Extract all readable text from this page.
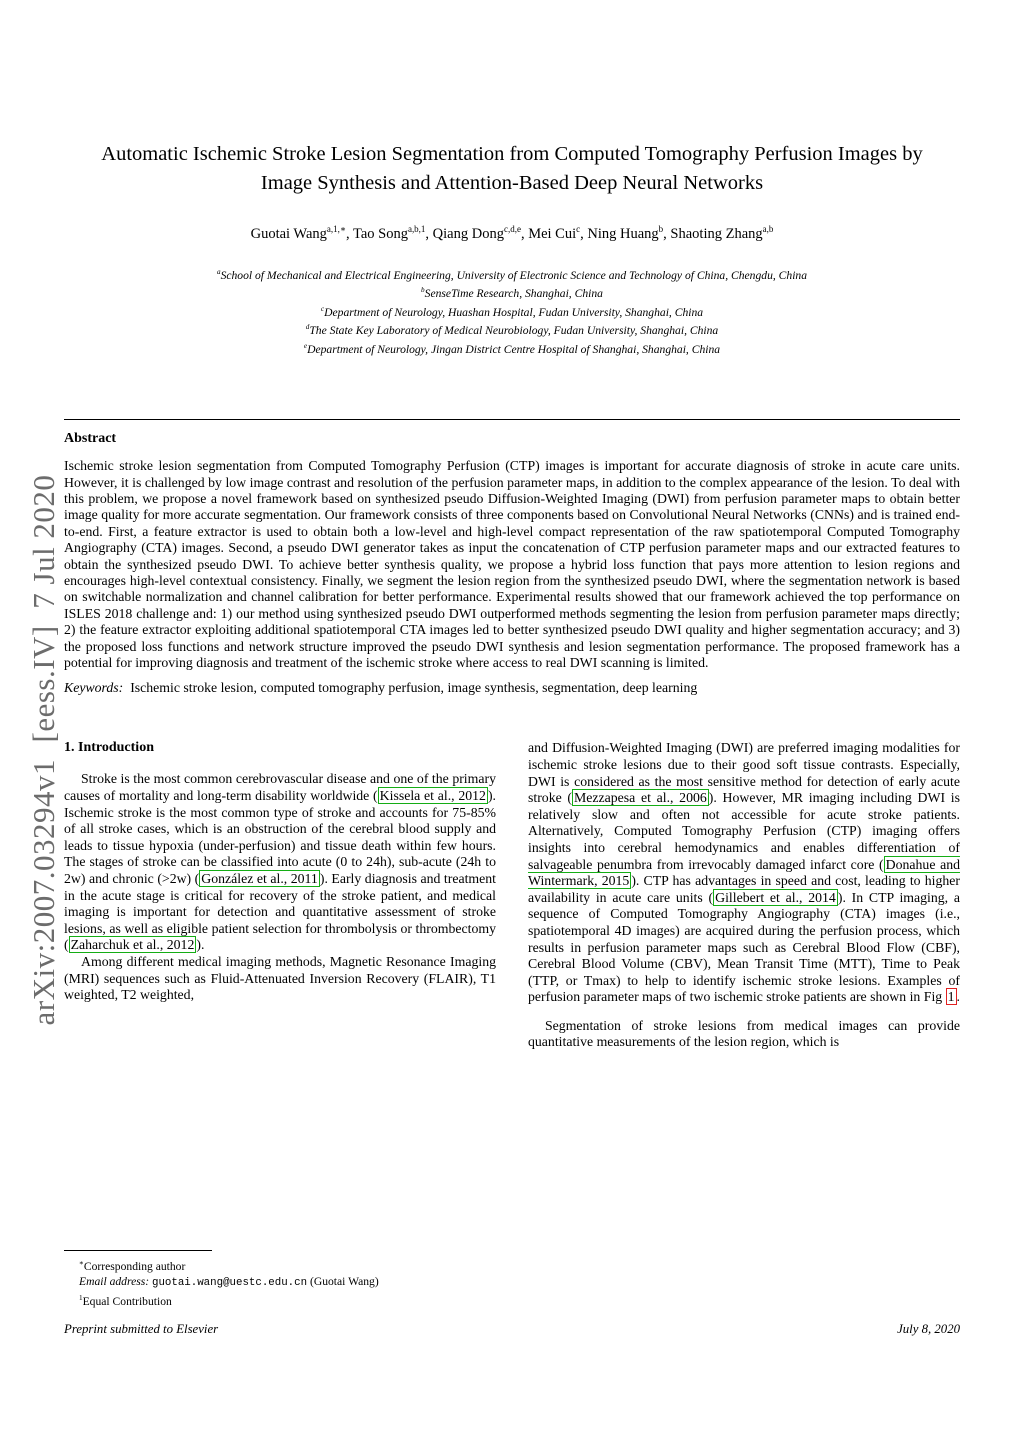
arXiv:2007.03294v1  [eess.IV]  7 Jul 2020
Automatic Ischemic Stroke Lesion Segmentation from Computed Tomography Perfusion Images by Image Synthesis and Attention-Based Deep Neural Networks
Guotai Wang$^{a,1,∗}$, Tao Song$^{a,b,1}$, Qiang Dong$^{c,d,e}$, Mei Cui$^c$, Ning Huang$^b$, Shaoting Zhang$^{a,b}$
$^a$School of Mechanical and Electrical Engineering, University of Electronic Science and Technology of China, Chengdu, China
$^b$SenseTime Research, Shanghai, China
$^c$Department of Neurology, Huashan Hospital, Fudan University, Shanghai, China
$^d$The State Key Laboratory of Medical Neurobiology, Fudan University, Shanghai, China
$^e$Department of Neurology, Jingan District Centre Hospital of Shanghai, Shanghai, China
Abstract

Ischemic stroke lesion segmentation from Computed Tomography Perfusion (CTP) images is important for accurate diagnosis of stroke in acute care units. However, it is challenged by low image contrast and resolution of the perfusion parameter maps, in addition to the complex appearance of the lesion. To deal with this problem, we propose a novel framework based on synthesized pseudo Diffusion-Weighted Imaging (DWI) from perfusion parameter maps to obtain better image quality for more accurate segmentation. Our framework consists of three components based on Convolutional Neural Networks (CNNs) and is trained end-to-end. First, a feature extractor is used to obtain both a low-level and high-level compact representation of the raw spatiotemporal Computed Tomography Angiography (CTA) images. Second, a pseudo DWI generator takes as input the concatenation of CTP perfusion parameter maps and our extracted features to obtain the synthesized pseudo DWI. To achieve better synthesis quality, we propose a hybrid loss function that pays more attention to lesion regions and encourages high-level contextual consistency. Finally, we segment the lesion region from the synthesized pseudo DWI, where the segmentation network is based on switchable normalization and channel calibration for better performance. Experimental results showed that our framework achieved the top performance on ISLES 2018 challenge and: 1) our method using synthesized pseudo DWI outperformed methods segmenting the lesion from perfusion parameter maps directly; 2) the feature extractor exploiting additional spatiotemporal CTA images led to better synthesized pseudo DWI quality and higher segmentation accuracy; and 3) the proposed loss functions and network structure improved the pseudo DWI synthesis and lesion segmentation performance. The proposed framework has a potential for improving diagnosis and treatment of the ischemic stroke where access to real DWI scanning is limited.

Keywords: Ischemic stroke lesion, computed tomography perfusion, image synthesis, segmentation, deep learning

1. Introduction

Stroke is the most common cerebrovascular disease and one of the primary causes of mortality and long-term disability worldwide ( Kissela et al., 2012 ). Ischemic stroke is the most common type of stroke and accounts for 75-85% of all stroke cases, which is an obstruction of the cerebral blood supply and leads to tissue hypoxia (under-perfusion) and tissue death within few hours. The stages of stroke can be classified into acute (0 to 24h), sub-acute (24h to 2w) and chronic (>2w) ( González et al., 2011 ). Early diagnosis and treatment in the acute stage is critical for recovery of the stroke patient, and medical imaging is important for detection and quantitative assessment of stroke lesions, as well as eligible patient selection for thrombolysis or thrombectomy ( Zaharchuk et al., 2012 ).

Among different medical imaging methods, Magnetic Resonance Imaging (MRI) sequences such as Fluid-Attenuated Inversion Recovery (FLAIR), T1 weighted, T2 weighted,

and Diffusion-Weighted Imaging (DWI) are preferred imaging modalities for ischemic stroke lesions due to their good soft tissue contrasts. Especially, DWI is considered as the most sensitive method for detection of early acute stroke ( Mezzapesa et al., 2006 ). However, MR imaging including DWI is relatively slow and often not accessible for acute stroke patients. Alternatively, Computed Tomography Perfusion (CTP) imaging offers insights into cerebral hemodynamics and enables differentiation of salvageable penumbra from irrevocably damaged infarct core ( Donahue and Wintermark, 2015 ). CTP has advantages in speed and cost, leading to higher availability in acute care units ( Gillebert et al., 2014 ). In CTP imaging, a sequence of Computed Tomography Angiography (CTA) images (i.e., spatiotemporal 4D images) are acquired during the perfusion process, which results in perfusion parameter maps such as Cerebral Blood Flow (CBF), Cerebral Blood Volume (CBV), Mean Transit Time (MTT), Time to Peak (TTP, or Tmax) to help to identify ischemic stroke lesions. Examples of perfusion parameter maps of two ischemic stroke patients are shown in Fig 1 .

Segmentation of stroke lesions from medical images can provide quantitative measurements of the lesion region, which is

∗Corresponding author
Email address: guotai.wang@uestc.edu.cn (Guotai Wang)
$^1$Equal Contribution
Preprint submitted to Elsevier	July 8, 2020
